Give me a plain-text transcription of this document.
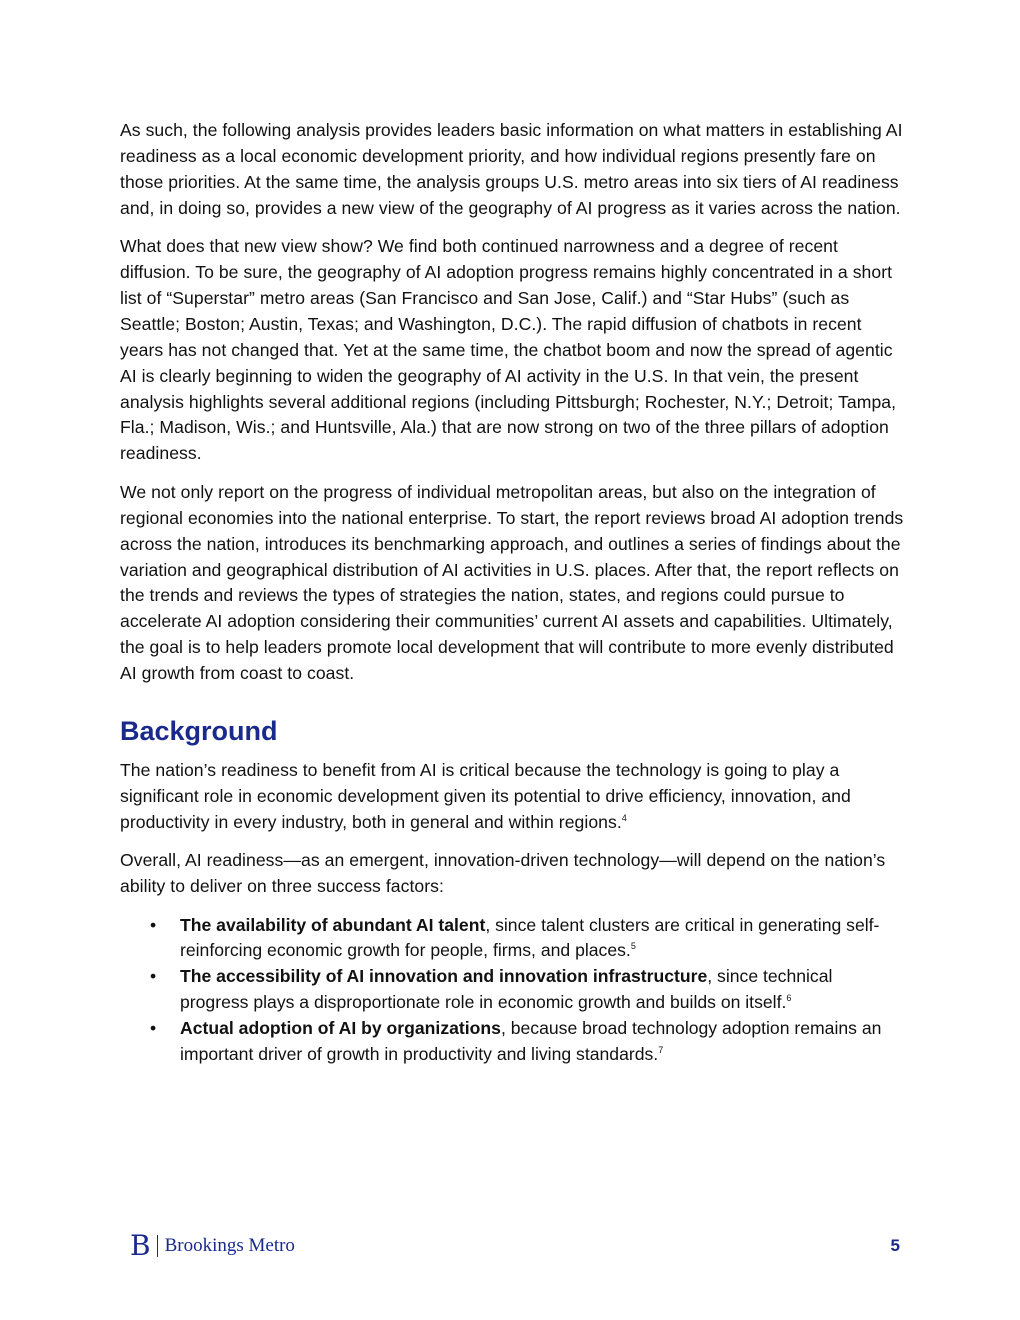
As such, the following analysis provides leaders basic information on what matters in establishing AI readiness as a local economic development priority, and how individual regions presently fare on those priorities. At the same time, the analysis groups U.S. metro areas into six tiers of AI readiness and, in doing so, provides a new view of the geography of AI progress as it varies across the nation.

What does that new view show? We find both continued narrowness and a degree of recent diffusion. To be sure, the geography of AI adoption progress remains highly concentrated in a short list of “Superstar” metro areas (San Francisco and San Jose, Calif.) and “Star Hubs” (such as Seattle; Boston; Austin, Texas; and Washington, D.C.). The rapid diffusion of chatbots in recent years has not changed that. Yet at the same time, the chatbot boom and now the spread of agentic AI is clearly beginning to widen the geography of AI activity in the U.S. In that vein, the present analysis highlights several additional regions (including Pittsburgh; Rochester, N.Y.; Detroit; Tampa, Fla.; Madison, Wis.; and Huntsville, Ala.) that are now strong on two of the three pillars of adoption readiness.

We not only report on the progress of individual metropolitan areas, but also on the integration of regional economies into the national enterprise. To start, the report reviews broad AI adoption trends across the nation, introduces its benchmarking approach, and outlines a series of findings about the variation and geographical distribution of AI activities in U.S. places. After that, the report reflects on the trends and reviews the types of strategies the nation, states, and regions could pursue to accelerate AI adoption considering their communities’ current AI assets and capabilities. Ultimately, the goal is to help leaders promote local development that will contribute to more evenly distributed AI growth from coast to coast.

Background

The nation’s readiness to benefit from AI is critical because the technology is going to play a significant role in economic development given its potential to drive efficiency, innovation, and productivity in every industry, both in general and within regions.$^4$

Overall, AI readiness—as an emergent, innovation-driven technology—will depend on the nation’s ability to deliver on three success factors:

• The availability of abundant AI talent, since talent clusters are critical in generating self-reinforcing economic growth for people, firms, and places.$^5$
• The accessibility of AI innovation and innovation infrastructure, since technical progress plays a disproportionate role in economic growth and builds on itself.$^6$
• Actual adoption of AI by organizations, because broad technology adoption remains an important driver of growth in productivity and living standards.$^7$
B Brookings Metro	5
